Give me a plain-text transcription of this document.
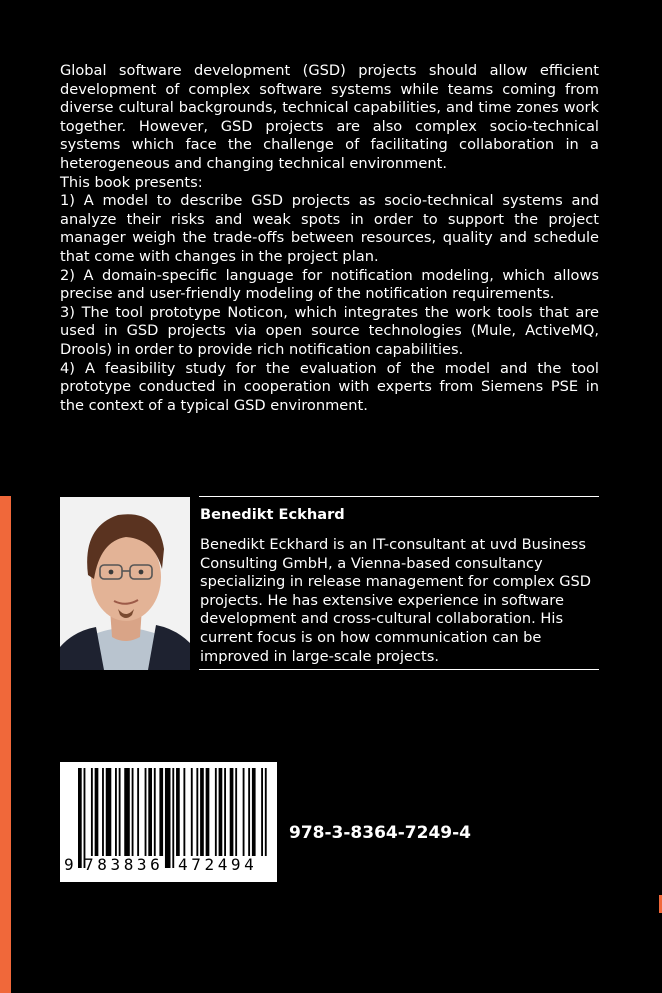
Global software development (GSD) projects should allow efficient development of complex software systems while teams coming from diverse cultural backgrounds, technical capabilities, and time zones work together. However, GSD projects are also complex socio-technical systems which face the challenge of facilitating collaboration in a heterogeneous and changing technical environment.

This book presents:

1) A model to describe GSD projects as socio-technical systems and analyze their risks and weak spots in order to support the project manager weigh the trade-offs between resources, quality and schedule that come with changes in the project plan.

2) A domain-specific language for notification modeling, which allows precise and user-friendly modeling of the notification requirements.

3) The tool prototype Noticon, which integrates the work tools that are used in GSD projects via open source technologies (Mule, ActiveMQ, Drools) in order to provide rich notification capabilities.

4) A feasibility study for the evaluation of the model and the tool prototype conducted in cooperation with experts from Siemens PSE in the context of a typical GSD environment.

Benedikt Eckhard
Benedikt Eckhard is an IT-consultant at uvd Business Consulting GmbH, a Vienna-based consultancy specializing in release management for complex GSD projects. He has extensive experience in software development and cross-cultural collaboration. His current focus is on how communication can be improved in large-scale projects.
9 783836 472494
978-3-8364-7249-4
